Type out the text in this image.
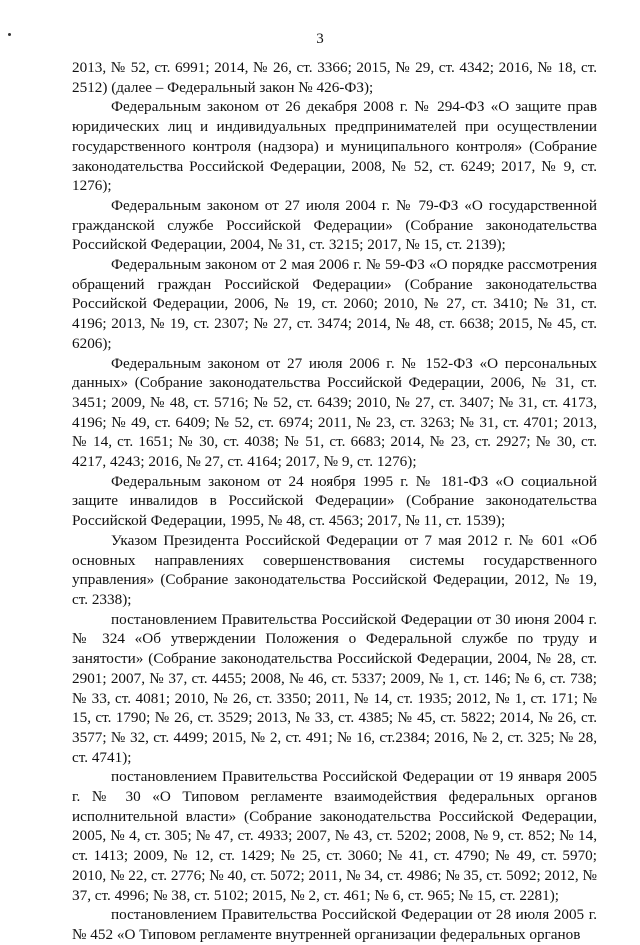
3

2013, № 52, ст. 6991; 2014, № 26, ст. 3366; 2015, № 29, ст. 4342; 2016, № 18, ст. 2512) (далее – Федеральный закон № 426-ФЗ);

Федеральным законом от 26 декабря 2008 г. № 294-ФЗ «О защите прав юридических лиц и индивидуальных предпринимателей при осуществлении государственного контроля (надзора) и муниципального контроля» (Собрание законодательства Российской Федерации, 2008, № 52, ст. 6249; 2017, № 9, ст. 1276);

Федеральным законом от 27 июля 2004 г. № 79-ФЗ «О государственной гражданской службе Российской Федерации» (Собрание законодательства Российской Федерации, 2004, № 31, ст. 3215; 2017, № 15, ст. 2139);

Федеральным законом от 2 мая 2006 г. № 59-ФЗ «О порядке рассмотрения обращений граждан Российской Федерации» (Собрание законодательства Российской Федерации, 2006, № 19, ст. 2060; 2010, № 27, ст. 3410; № 31, ст. 4196; 2013, № 19, ст. 2307; № 27, ст. 3474; 2014, № 48, ст. 6638; 2015, № 45, ст. 6206);

Федеральным законом от 27 июля 2006 г. № 152-ФЗ «О персональных данных» (Собрание законодательства Российской Федерации, 2006, № 31, ст. 3451; 2009, № 48, ст. 5716; № 52, ст. 6439; 2010, № 27, ст. 3407; № 31, ст. 4173, 4196; № 49, ст. 6409; № 52, ст. 6974; 2011, № 23, ст. 3263; № 31, ст. 4701; 2013, № 14, ст. 1651; № 30, ст. 4038; № 51, ст. 6683; 2014, № 23, ст. 2927; № 30, ст. 4217, 4243; 2016, № 27, ст. 4164; 2017, № 9, ст. 1276);

Федеральным законом от 24 ноября 1995 г. № 181-ФЗ «О социальной защите инвалидов в Российской Федерации» (Собрание законодательства Российской Федерации, 1995, № 48, ст. 4563; 2017, № 11, ст. 1539);

Указом Президента Российской Федерации от 7 мая 2012 г. № 601 «Об основных направлениях совершенствования системы государственного управления» (Собрание законодательства Российской Федерации, 2012, № 19, ст. 2338);

постановлением Правительства Российской Федерации от 30 июня 2004 г. № 324 «Об утверждении Положения о Федеральной службе по труду и занятости» (Собрание законодательства Российской Федерации, 2004, № 28, ст. 2901; 2007, № 37, ст. 4455; 2008, № 46, ст. 5337; 2009, № 1, ст. 146; № 6, ст. 738; № 33, ст. 4081; 2010, № 26, ст. 3350; 2011, № 14, ст. 1935; 2012, № 1, ст. 171; № 15, ст. 1790; № 26, ст. 3529; 2013, № 33, ст. 4385; № 45, ст. 5822; 2014, № 26, ст. 3577; № 32, ст. 4499; 2015, № 2, ст. 491; № 16, ст.2384; 2016, № 2, ст. 325; № 28, ст. 4741);

постановлением Правительства Российской Федерации от 19 января 2005 г. № 30 «О Типовом регламенте взаимодействия федеральных органов исполнительной власти» (Собрание законодательства Российской Федерации, 2005, № 4, ст. 305; № 47, ст. 4933; 2007, № 43, ст. 5202; 2008, № 9, ст. 852; № 14, ст. 1413; 2009, № 12, ст. 1429; № 25, ст. 3060; № 41, ст. 4790; № 49, ст. 5970; 2010, № 22, ст. 2776; № 40, ст. 5072; 2011, № 34, ст. 4986; № 35, ст. 5092; 2012, № 37, ст. 4996; № 38, ст. 5102; 2015, № 2, ст. 461; № 6, ст. 965; № 15, ст. 2281);

постановлением Правительства Российской Федерации от 28 июля 2005 г. № 452 «О Типовом регламенте внутренней организации федеральных органов
